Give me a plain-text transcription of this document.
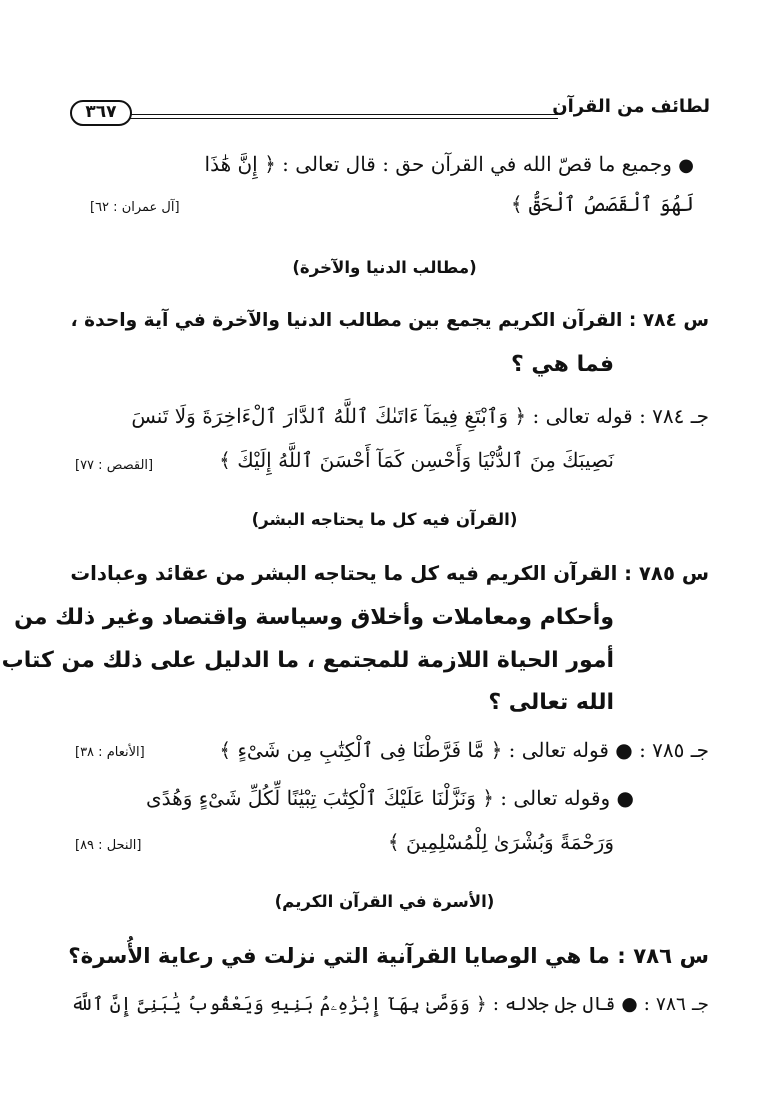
٣٦٧	لطائف من القرآن
● وجميع ما قصّ الله في القرآن حق : قال تعالى : ﴿ إِنَّ هَٰذَا
لَهُوَ ٱلْقَصَصُ ٱلْحَقُّ ﴾
[آل عمران : ٦٢]
(مطالب الدنيا والآخرة)
س ٧٨٤ : القرآن الكريم يجمع بين مطالب الدنيا والآخرة في آية واحدة ،
فما هي ؟
جـ ٧٨٤ : قوله تعالى : ﴿ وَٱبْتَغِ فِيمَآ ءَاتَىٰكَ ٱللَّهُ ٱلدَّارَ ٱلْءَاخِرَةَ وَلَا تَنسَ
نَصِيبَكَ مِنَ ٱلدُّنْيَا وَأَحْسِن كَمَآ أَحْسَنَ ٱللَّهُ إِلَيْكَ ﴾
[القصص : ٧٧]
(القرآن فيه كل ما يحتاجه البشر)
س ٧٨٥ : القرآن الكريم فيه كل ما يحتاجه البشر من عقائد وعبادات
وأحكام ومعاملات وأخلاق وسياسة واقتصاد وغير ذلك من
أمور الحياة اللازمة للمجتمع ، ما الدليل على ذلك من كتاب
الله تعالى ؟
جـ ٧٨٥ : ● قوله تعالى : ﴿ مَّا فَرَّطْنَا فِى ٱلْكِتَٰبِ مِن شَىْءٍ ﴾
[الأنعام : ٣٨]
● وقوله تعالى : ﴿ وَنَزَّلْنَا عَلَيْكَ ٱلْكِتَٰبَ تِبْيَٰنًا لِّكُلِّ شَىْءٍ وَهُدًى
وَرَحْمَةً وَبُشْرَىٰ لِلْمُسْلِمِينَ ﴾
[النحل : ٨٩]
(الأسرة في القرآن الكريم)
س ٧٨٦ : ما هي الوصايا القرآنية التي نزلت في رعاية الأُسرة؟
جـ ٧٨٦ : ● قال جل جلاله : ﴿ وَوَصَّىٰ بِهَآ إِبْرَٰهِۦمُ بَنِيهِ وَيَعْقُوبُ يَٰبَنِىَّ إِنَّ ٱللَّهَ
